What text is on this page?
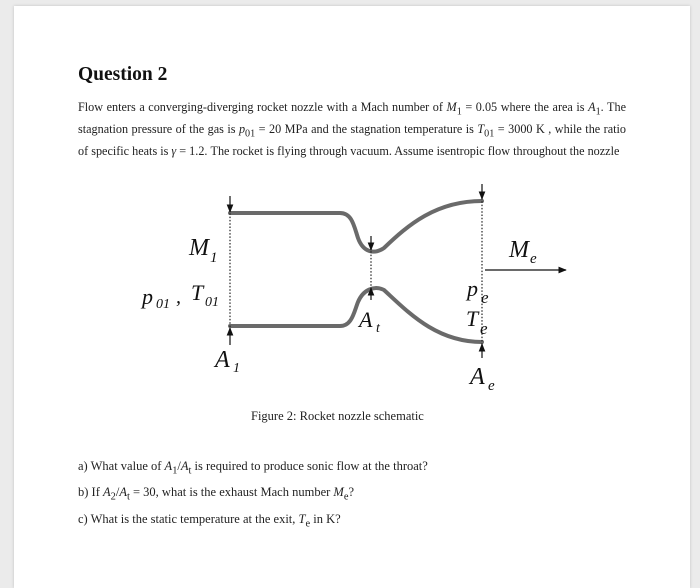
Question 2
Flow enters a converging-diverging rocket nozzle with a Mach number of $M_1 = 0.05$ where the area is $A_1$. The stagnation pressure of the gas is $p_{01} = 20$ MPa and the stagnation temperature is $T_{01} = 3000$ K , while the ratio of specific heats is γ = 1.2. The rocket is flying through vacuum. Assume isentropic flow throughout the nozzle
M 1
p 01 , T 01
A 1
A t
M e
p e
T e
A e
Figure 2: Rocket nozzle schematic
a) What value of $A_1/A_t$ is required to produce sonic flow at the throat?
b) If $A_2/A_t = 30$, what is the exhaust Mach number $M_e$?
c) What is the static temperature at the exit, $T_e$ in K?
